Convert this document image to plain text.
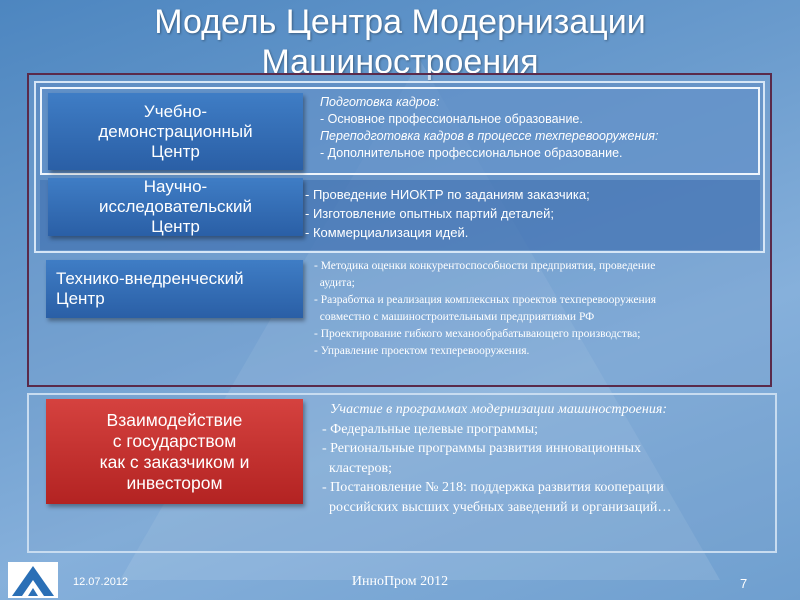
Модель Центра Модернизации
Машиностроения
Учебно-
демонстрационный
Центр
Подготовка кадров:
- Основное профессиональное образование.
Переподготовка кадров в процессе техперевооружения:
- Дополнительное профессиональное образование.
Научно-
исследовательский
Центр
- Проведение НИОКТР по заданиям заказчика;
- Изготовление опытных партий деталей;
- Коммерциализация идей.
Технико-внедренческий
Центр
- Методика оценки конкурентоспособности предприятия, проведение
аудита;
- Разработка и реализация комплексных проектов техперевооружения
совместно с машиностроительными предприятиями РФ
- Проектирование гибкого механообрабатывающего производства;
- Управление проектом техперевооружения.
Взаимодействие
с государством
как с заказчиком и
инвестором
Участие в программах модернизации машиностроения:
- Федеральные целевые программы;
- Региональные программы развития инновационных
кластеров;
- Постановление № 218: поддержка развития кооперации
российских высших учебных заведений и организаций…
12.07.2012	ИнноПром 2012	7
